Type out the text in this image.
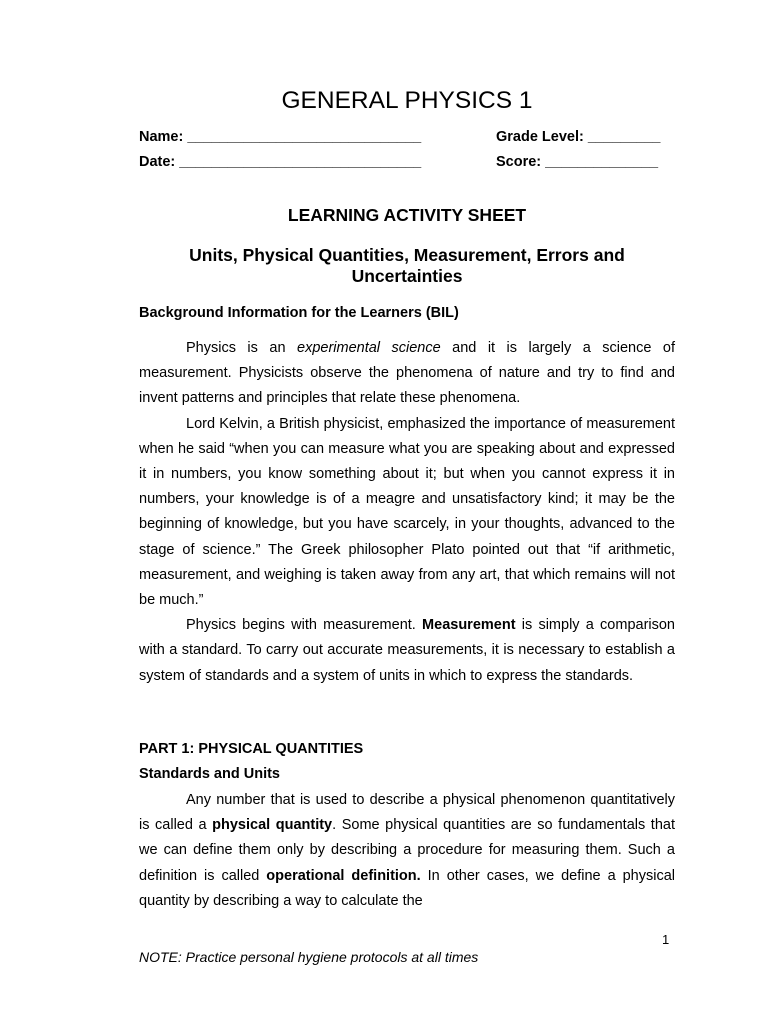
GENERAL PHYSICS 1
Name: _____________________________
Date: ______________________________
Grade Level: _________
Score: ______________
LEARNING ACTIVITY SHEET
Units, Physical Quantities, Measurement, Errors and Uncertainties
Background Information for the Learners (BIL)

Physics is an experimental science and it is largely a science of measurement. Physicists observe the phenomena of nature and try to find and invent patterns and principles that relate these phenomena.

Lord Kelvin, a British physicist, emphasized the importance of measurement when he said “when you can measure what you are speaking about and expressed it in numbers, you know something about it; but when you cannot express it in numbers, your knowledge is of a meagre and unsatisfactory kind; it may be the beginning of knowledge, but you have scarcely, in your thoughts, advanced to the stage of science.” The Greek philosopher Plato pointed out that “if arithmetic, measurement, and weighing is taken away from any art, that which remains will not be much.”

Physics begins with measurement. Measurement is simply a comparison with a standard. To carry out accurate measurements, it is necessary to establish a system of standards and a system of units in which to express the standards.

PART 1: PHYSICAL QUANTITIES
Standards and Units

Any number that is used to describe a physical phenomenon quantitatively is called a physical quantity. Some physical quantities are so fundamentals that we can define them only by describing a procedure for measuring them. Such a definition is called operational definition. In other cases, we define a physical quantity by describing a way to calculate the

1
NOTE: Practice personal hygiene protocols at all times
